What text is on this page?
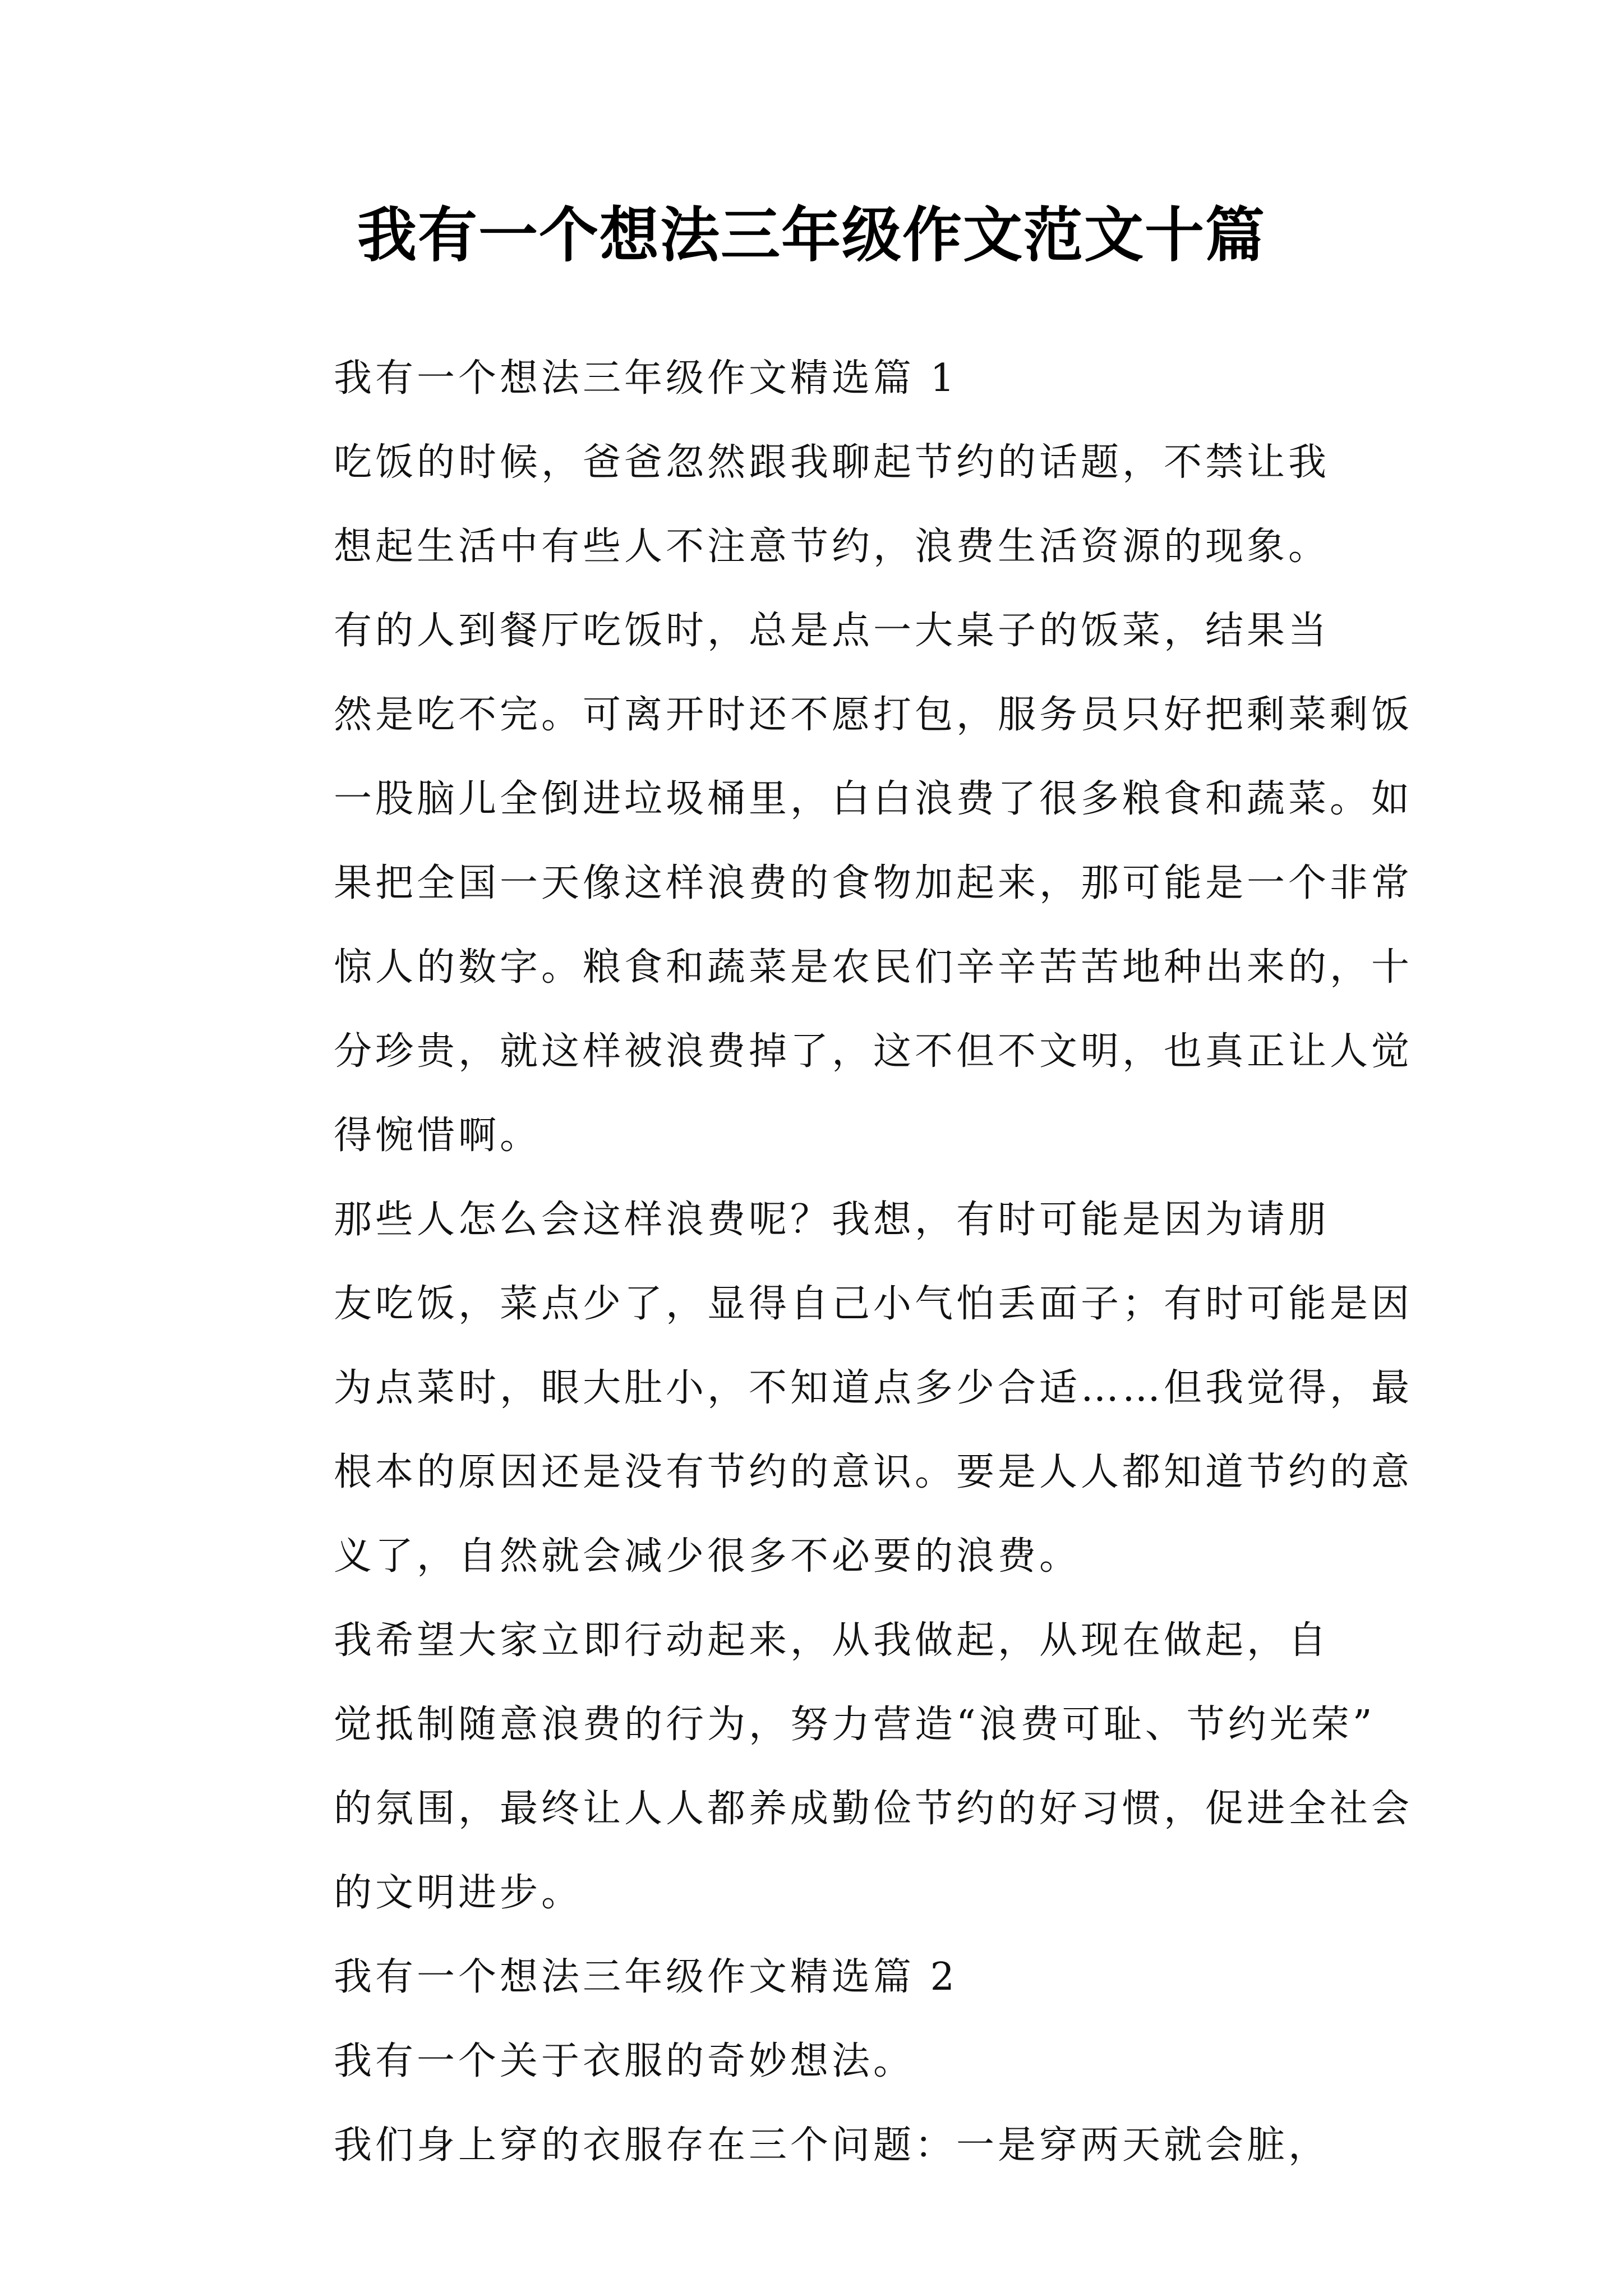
我有一个想法三年级作文范文十篇

我有一个想法三年级作文精选篇 1

吃饭的时候，爸爸忽然跟我聊起节约的话题，不禁让我
想起生活中有些人不注意节约，浪费生活资源的现象。

有的人到餐厅吃饭时，总是点一大桌子的饭菜，结果当
然是吃不完。可离开时还不愿打包，服务员只好把剩菜剩饭
一股脑儿全倒进垃圾桶里，白白浪费了很多粮食和蔬菜。如
果把全国一天像这样浪费的食物加起来，那可能是一个非常
惊人的数字。粮食和蔬菜是农民们辛辛苦苦地种出来的，十
分珍贵，就这样被浪费掉了，这不但不文明，也真正让人觉
得惋惜啊。

那些人怎么会这样浪费呢？我想，有时可能是因为请朋
友吃饭，菜点少了，显得自己小气怕丢面子；有时可能是因
为点菜时，眼大肚小，不知道点多少合适……但我觉得，最
根本的原因还是没有节约的意识。要是人人都知道节约的意
义了，自然就会减少很多不必要的浪费。

我希望大家立即行动起来，从我做起，从现在做起，自
觉抵制随意浪费的行为，努力营造“浪费可耻、节约光荣”
的氛围，最终让人人都养成勤俭节约的好习惯，促进全社会
的文明进步。

我有一个想法三年级作文精选篇 2

我有一个关于衣服的奇妙想法。

我们身上穿的衣服存在三个问题：一是穿两天就会脏，
